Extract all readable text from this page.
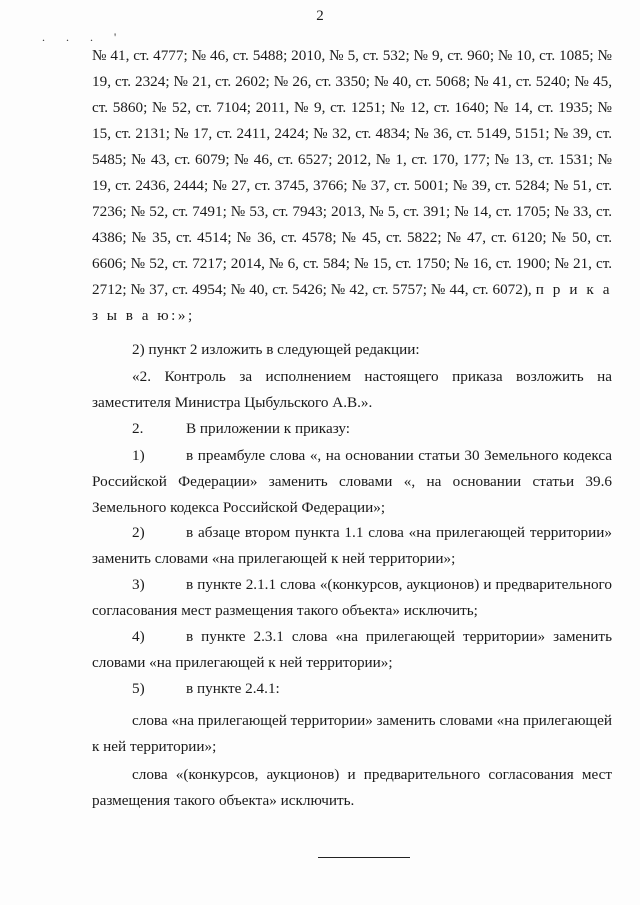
. . . '
2
№ 41, ст. 4777; № 46, ст. 5488; 2010, № 5, ст. 532; № 9, ст. 960; № 10, ст. 1085; № 19, ст. 2324; № 21, ст. 2602; № 26, ст. 3350; № 40, ст. 5068; № 41, ст. 5240; № 45, ст. 5860; № 52, ст. 7104; 2011, № 9, ст. 1251; № 12, ст. 1640; № 14, ст. 1935; № 15, ст. 2131; № 17, ст. 2411, 2424; № 32, ст. 4834; № 36, ст. 5149, 5151; № 39, ст. 5485; № 43, ст. 6079; № 46, ст. 6527; 2012, № 1, ст. 170, 177; № 13, ст. 1531; № 19, ст. 2436, 2444; № 27, ст. 3745, 3766; № 37, ст. 5001; № 39, ст. 5284; № 51, ст. 7236; № 52, ст. 7491; № 53, ст. 7943; 2013, № 5, ст. 391; № 14, ст. 1705; № 33, ст. 4386; № 35, ст. 4514; № 36, ст. 4578; № 45, ст. 5822; № 47, ст. 6120; № 50, ст. 6606; № 52, ст. 7217; 2014, № 6, ст. 584; № 15, ст. 1750; № 16, ст. 1900; № 21, ст. 2712; № 37, ст. 4954; № 40, ст. 5426; № 42, ст. 5757; № 44, ст. 6072), п р и к а з ы в а ю:»;
2) пункт 2 изложить в следующей редакции:
«2. Контроль за исполнением настоящего приказа возложить на заместителя Министра Цыбульского А.В.».
2.	В приложении к приказу:
1)	в преамбуле слова «, на основании статьи 30 Земельного кодекса Российской Федерации» заменить словами «, на основании статьи 39.6 Земельного кодекса Российской Федерации»;
2)	в абзаце втором пункта 1.1 слова «на прилегающей территории» заменить словами «на прилегающей к ней территории»;
3)	в пункте 2.1.1 слова «(конкурсов, аукционов) и предварительного согласования мест размещения такого объекта» исключить;
4)	в пункте 2.3.1 слова «на прилегающей территории» заменить словами «на прилегающей к ней территории»;
5)	в пункте 2.4.1:
слова «на прилегающей территории» заменить словами «на прилегающей к ней территории»;
слова «(конкурсов, аукционов) и предварительного согласования мест размещения такого объекта» исключить.
